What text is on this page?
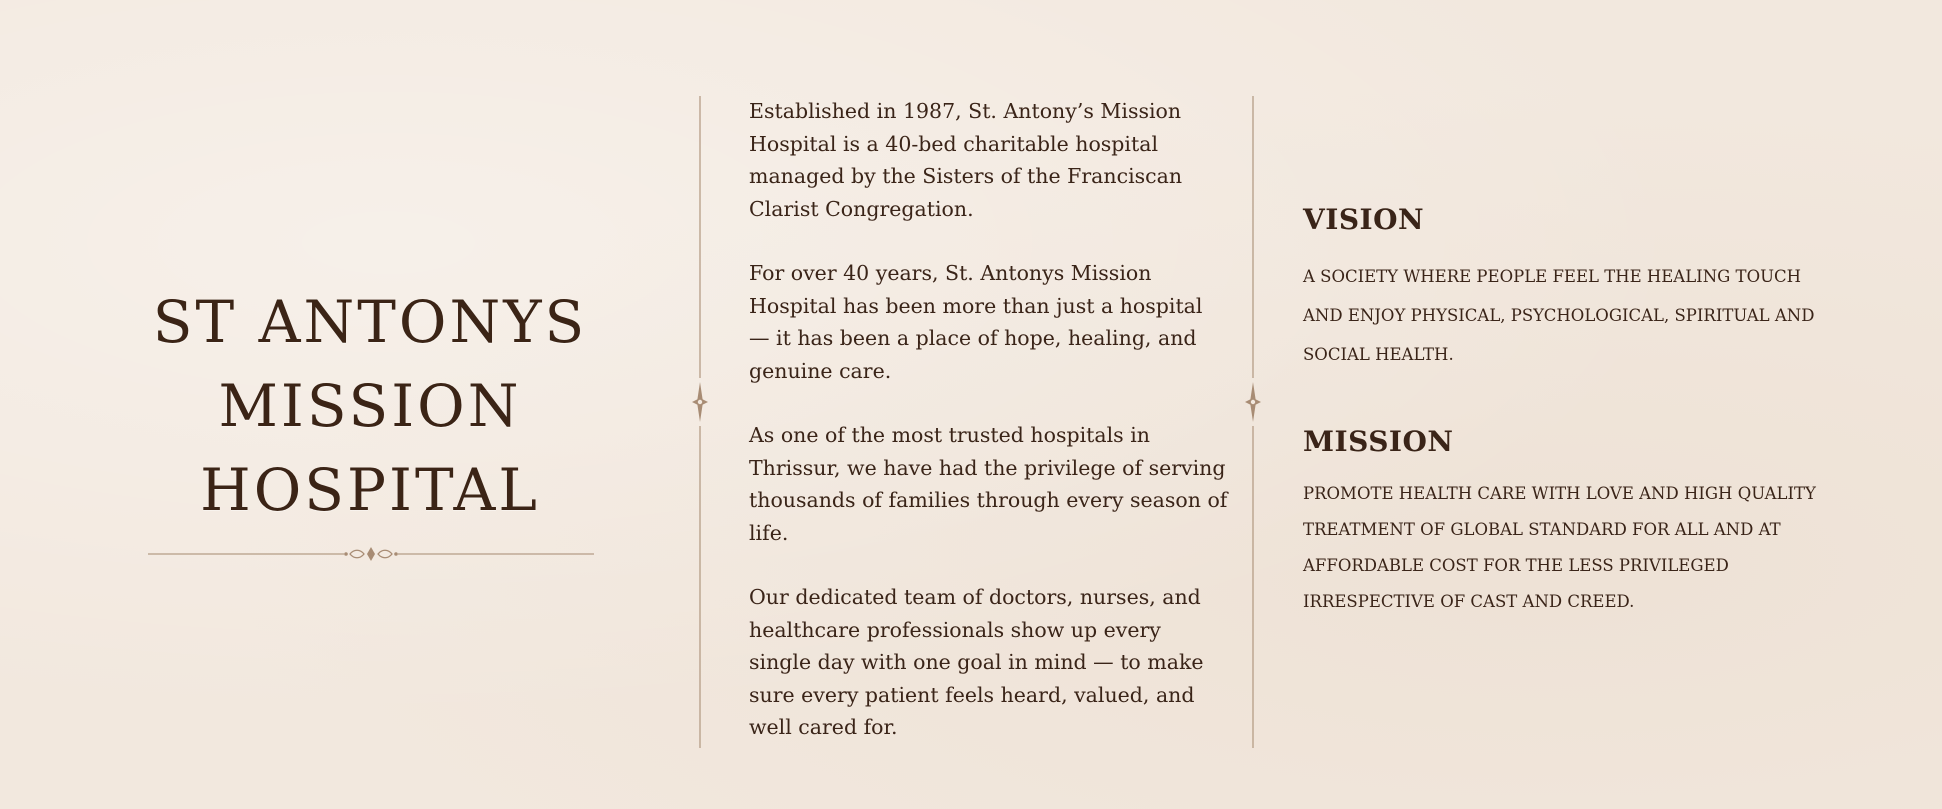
ST ANTONYS
MISSION
HOSPITAL

Established in 1987, St. Antony’s Mission Hospital is a 40-bed charitable hospital managed by the Sisters of the Franciscan Clarist Congregation.

For over 40 years, St. Antonys Mission Hospital has been more than just a hospital — it has been a place of hope, healing, and genuine care.

As one of the most trusted hospitals in Thrissur, we have had the privilege of serving thousands of families through every season of life.

Our dedicated team of doctors, nurses, and healthcare professionals show up every single day with one goal in mind — to make sure every patient feels heard, valued, and well cared for.

VISION

A SOCIETY WHERE PEOPLE FEEL THE HEALING TOUCH AND ENJOY PHYSICAL, PSYCHOLOGICAL, SPIRITUAL AND SOCIAL HEALTH.

MISSION

PROMOTE HEALTH CARE WITH LOVE AND HIGH QUALITY TREATMENT OF GLOBAL STANDARD FOR ALL AND AT AFFORDABLE COST FOR THE LESS PRIVILEGED IRRESPECTIVE OF CAST AND CREED.
